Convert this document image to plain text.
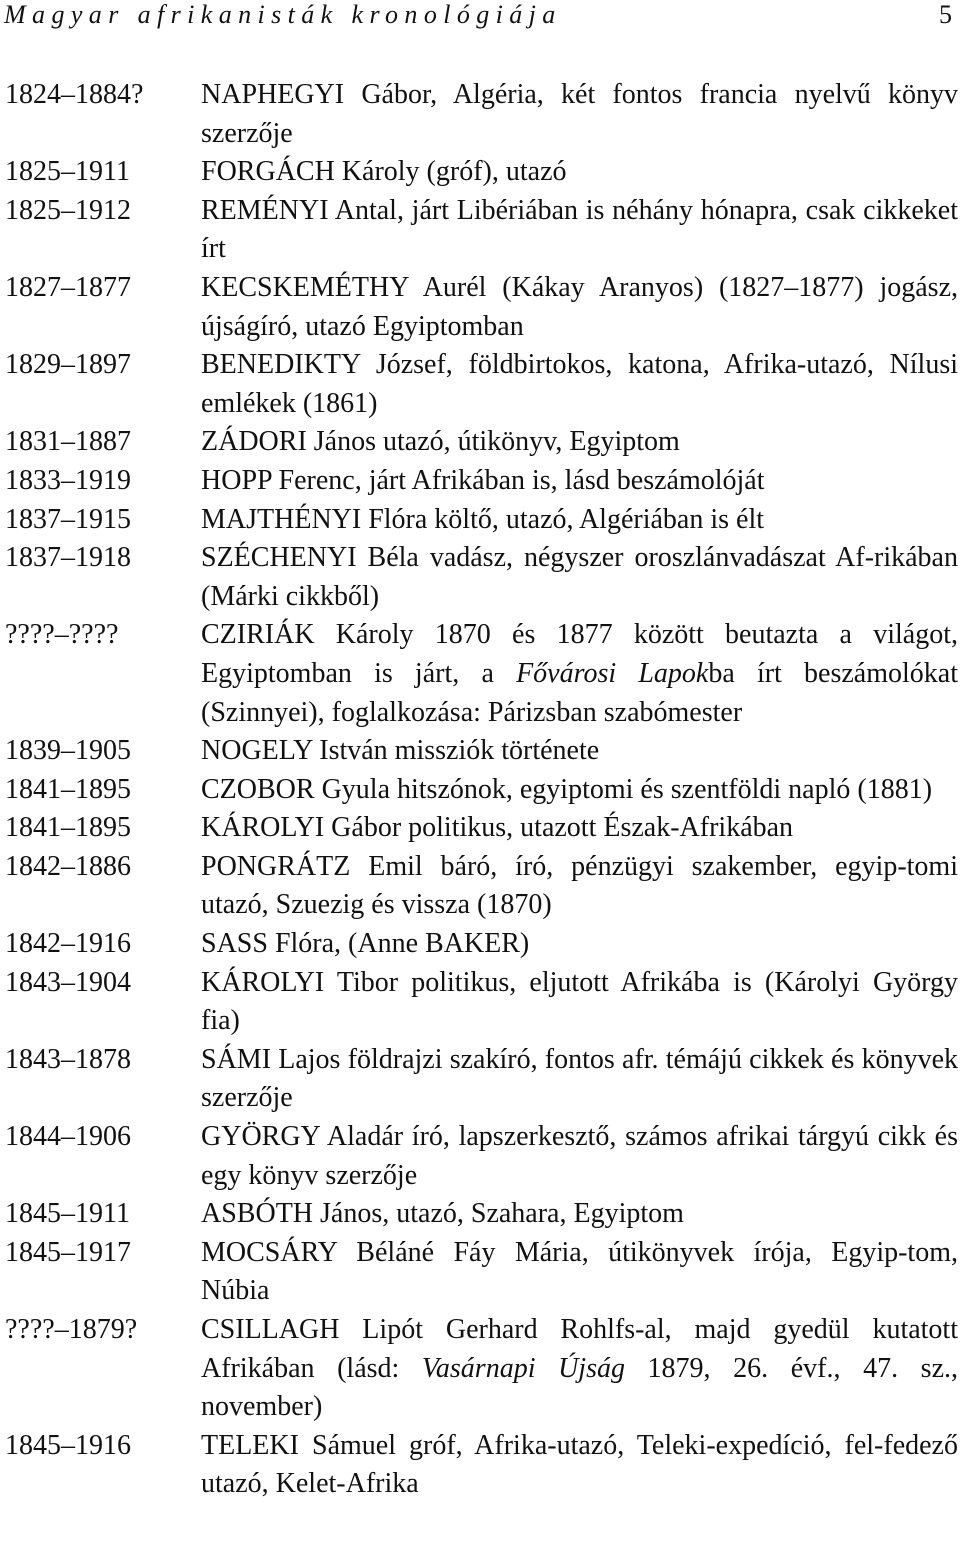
Magyar afrikanisták kronológiája	5
1824–1884?	NAPHEGYI Gábor, Algéria, két fontos francia nyelvű könyv szerzője
1825–1911	FORGÁCH Károly (gróf), utazó
1825–1912	REMÉNYI Antal, járt Libériában is néhány hónapra, csak cikkeket írt
1827–1877	KECSKEMÉTHY Aurél (Kákay Aranyos) (1827–1877) jogász, újságíró, utazó Egyiptomban
1829–1897	BENEDIKTY József, földbirtokos, katona, Afrika-utazó, Nílusi emlékek (1861)
1831–1887	ZÁDORI János utazó, útikönyv, Egyiptom
1833–1919	HOPP Ferenc, járt Afrikában is, lásd beszámolóját
1837–1915	MAJTHÉNYI Flóra költő, utazó, Algériában is élt
1837–1918	SZÉCHENYI Béla vadász, négyszer oroszlánvadászat Af-rikában (Márki cikkből)
????–????	CZIRIÁK Károly 1870 és 1877 között beutazta a világot, Egyiptomban is járt, a Fővárosi Lapokba írt beszámolókat (Szinnyei), foglalkozása: Párizsban szabómester
1839–1905	NOGELY István missziók története
1841–1895	CZOBOR Gyula hitszónok, egyiptomi és szentföldi napló (1881)
1841–1895	KÁROLYI Gábor politikus, utazott Észak-Afrikában
1842–1886	PONGRÁTZ Emil báró, író, pénzügyi szakember, egyip-tomi utazó, Szuezig és vissza (1870)
1842–1916	SASS Flóra, (Anne BAKER)
1843–1904	KÁROLYI Tibor politikus, eljutott Afrikába is (Károlyi György fia)
1843–1878	SÁMI Lajos földrajzi szakíró, fontos afr. témájú cikkek és könyvek szerzője
1844–1906	GYÖRGY Aladár író, lapszerkesztő, számos afrikai tárgyú cikk és egy könyv szerzője
1845–1911	ASBÓTH János, utazó, Szahara, Egyiptom
1845–1917	MOCSÁRY Béláné Fáy Mária, útikönyvek írója, Egyip-tom, Núbia
????–1879?	CSILLAGH Lipót Gerhard Rohlfs-al, majd gyedül kutatott Afrikában (lásd: Vasárnapi Újság 1879, 26. évf., 47. sz., november)
1845–1916	TELEKI Sámuel gróf, Afrika-utazó, Teleki-expedíció, fel-fedező utazó, Kelet-Afrika
